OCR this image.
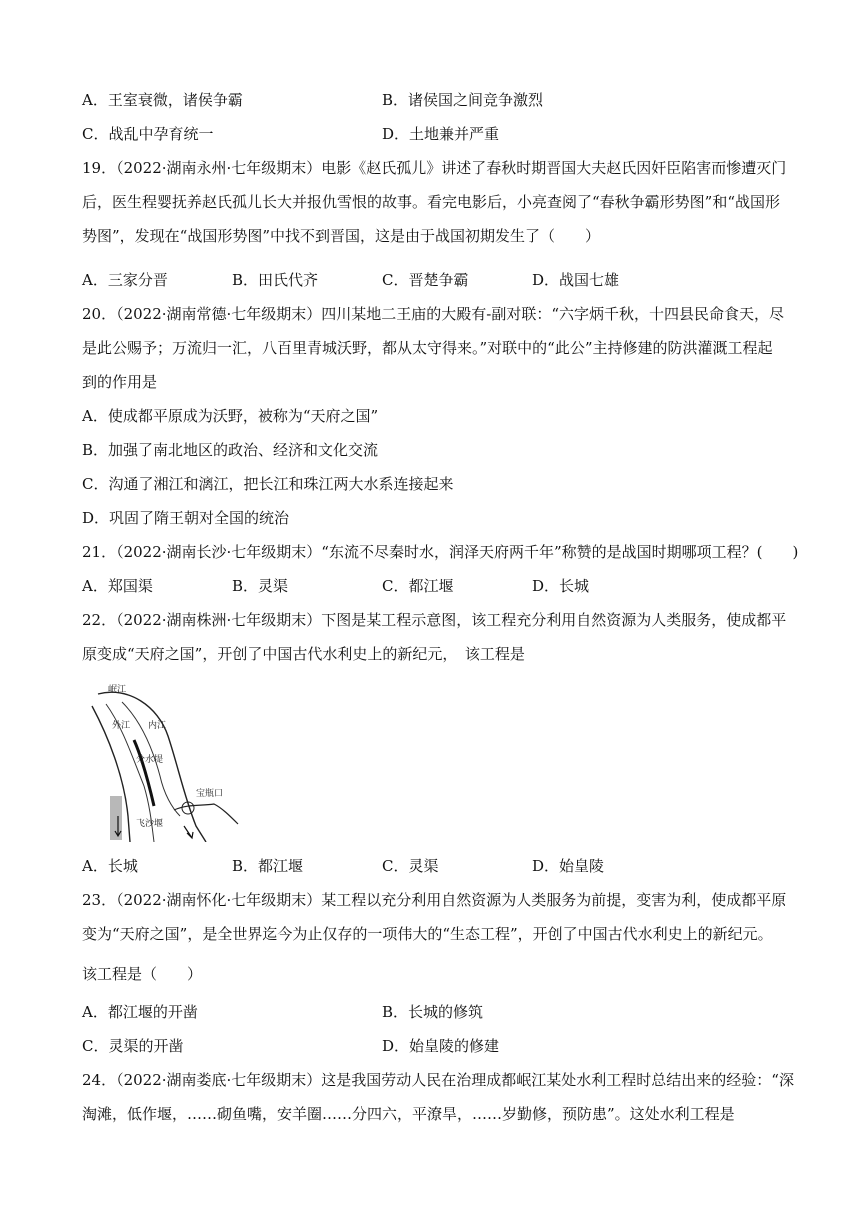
A．王室衰微，诸侯争霸	B．诸侯国之间竞争激烈
C．战乱中孕育统一	D．土地兼并严重
19．（2022·湖南永州·七年级期末）电影《赵氏孤儿》讲述了春秋时期晋国大夫赵氏因奸臣陷害而惨遭灭门
后，医生程婴抚养赵氏孤儿长大并报仇雪恨的故事。看完电影后，小亮查阅了“春秋争霸形势图”和“战国形
势图”，发现在“战国形势图”中找不到晋国，这是由于战国初期发生了（　　）
A．三家分晋	B．田氏代齐	C．晋楚争霸	D．战国七雄
20．（2022·湖南常德·七年级期末）四川某地二王庙的大殿有-副对联：“六字炳千秋，十四县民命食天，尽
是此公赐予；万流归一汇，八百里青城沃野，都从太守得来。”对联中的“此公”主持修建的防洪灌溉工程起
到的作用是
A．使成都平原成为沃野，被称为“天府之国”
B．加强了南北地区的政治、经济和文化交流
C．沟通了湘江和漓江，把长江和珠江两大水系连接起来
D．巩固了隋王朝对全国的统治
21．（2022·湖南长沙·七年级期末）“东流不尽秦时水，润泽天府两千年”称赞的是战国时期哪项工程？(　　)
A．郑国渠	B．灵渠	C．都江堰	D．长城
22．（2022·湖南株洲·七年级期末）下图是某工程示意图，该工程充分利用自然资源为人类服务，使成都平
原变成“天府之国”，开创了中国古代水利史上的新纪元，　该工程是
岷江
外江 内江
分水堤
宝瓶口
飞沙堰
A．长城	B．都江堰	C．灵渠	D．始皇陵
23．（2022·湖南怀化·七年级期末）某工程以充分利用自然资源为人类服务为前提，变害为利，使成都平原
变为“天府之国”，是全世界迄今为止仅存的一项伟大的“生态工程”，开创了中国古代水利史上的新纪元。
该工程是（　　）
A．都江堰的开凿	B．长城的修筑
C．灵渠的开凿	D．始皇陵的修建
24．（2022·湖南娄底·七年级期末）这是我国劳动人民在治理成都岷江某处水利工程时总结出来的经验：“深
淘滩，低作堰，……砌鱼嘴，安羊圈……分四六，平潦旱，……岁勤修，预防患”。这处水利工程是
